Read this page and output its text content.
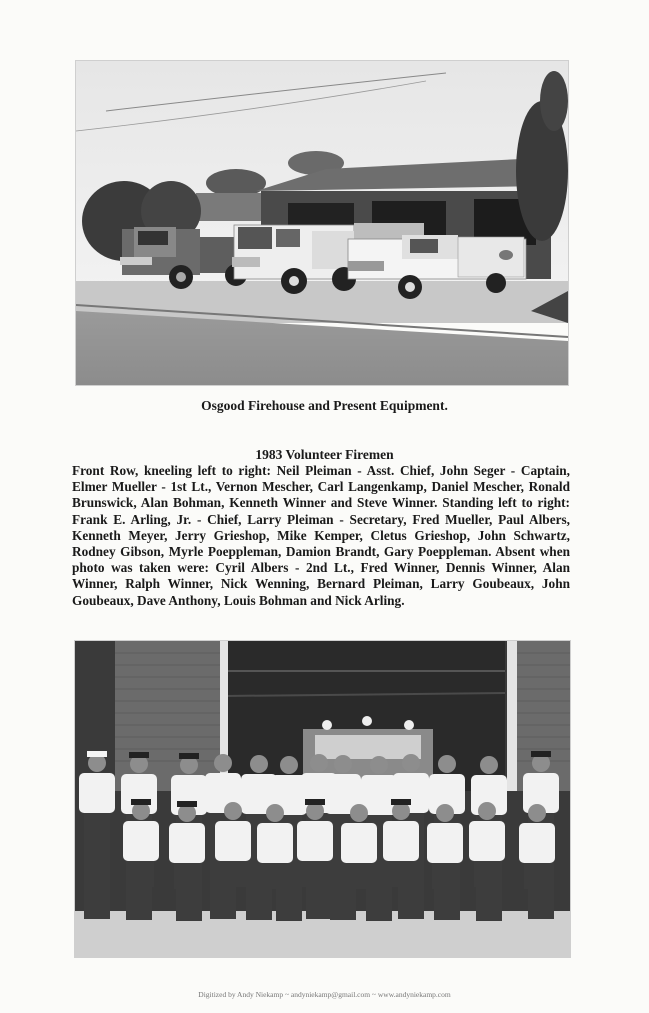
Osgood Firehouse and Present Equipment.
1983 Volunteer Firemen
Front Row, kneeling left to right: Neil Pleiman - Asst. Chief, John Seger - Captain, Elmer Mueller - 1st Lt., Vernon Mescher, Carl Langenkamp, Daniel Mescher, Ronald Brunswick, Alan Bohman, Kenneth Winner and Steve Winner. Standing left to right: Frank E. Arling, Jr. - Chief, Larry Pleiman - Secretary, Fred Mueller, Paul Albers, Kenneth Meyer, Jerry Grieshop, Mike Kemper, Cletus Grieshop, John Schwartz, Rodney Gibson, Myrle Poeppleman, Damion Brandt, Gary Poeppleman. Absent when photo was taken were: Cyril Albers - 2nd Lt., Fred Winner, Dennis Winner, Alan Winner, Ralph Winner, Nick Wenning, Bernard Pleiman, Larry Goubeaux, John Goubeaux, Dave Anthony, Louis Bohman and Nick Arling.
Digitized by Andy Niekamp ~ andyniekamp@gmail.com ~ www.andyniekamp.com
